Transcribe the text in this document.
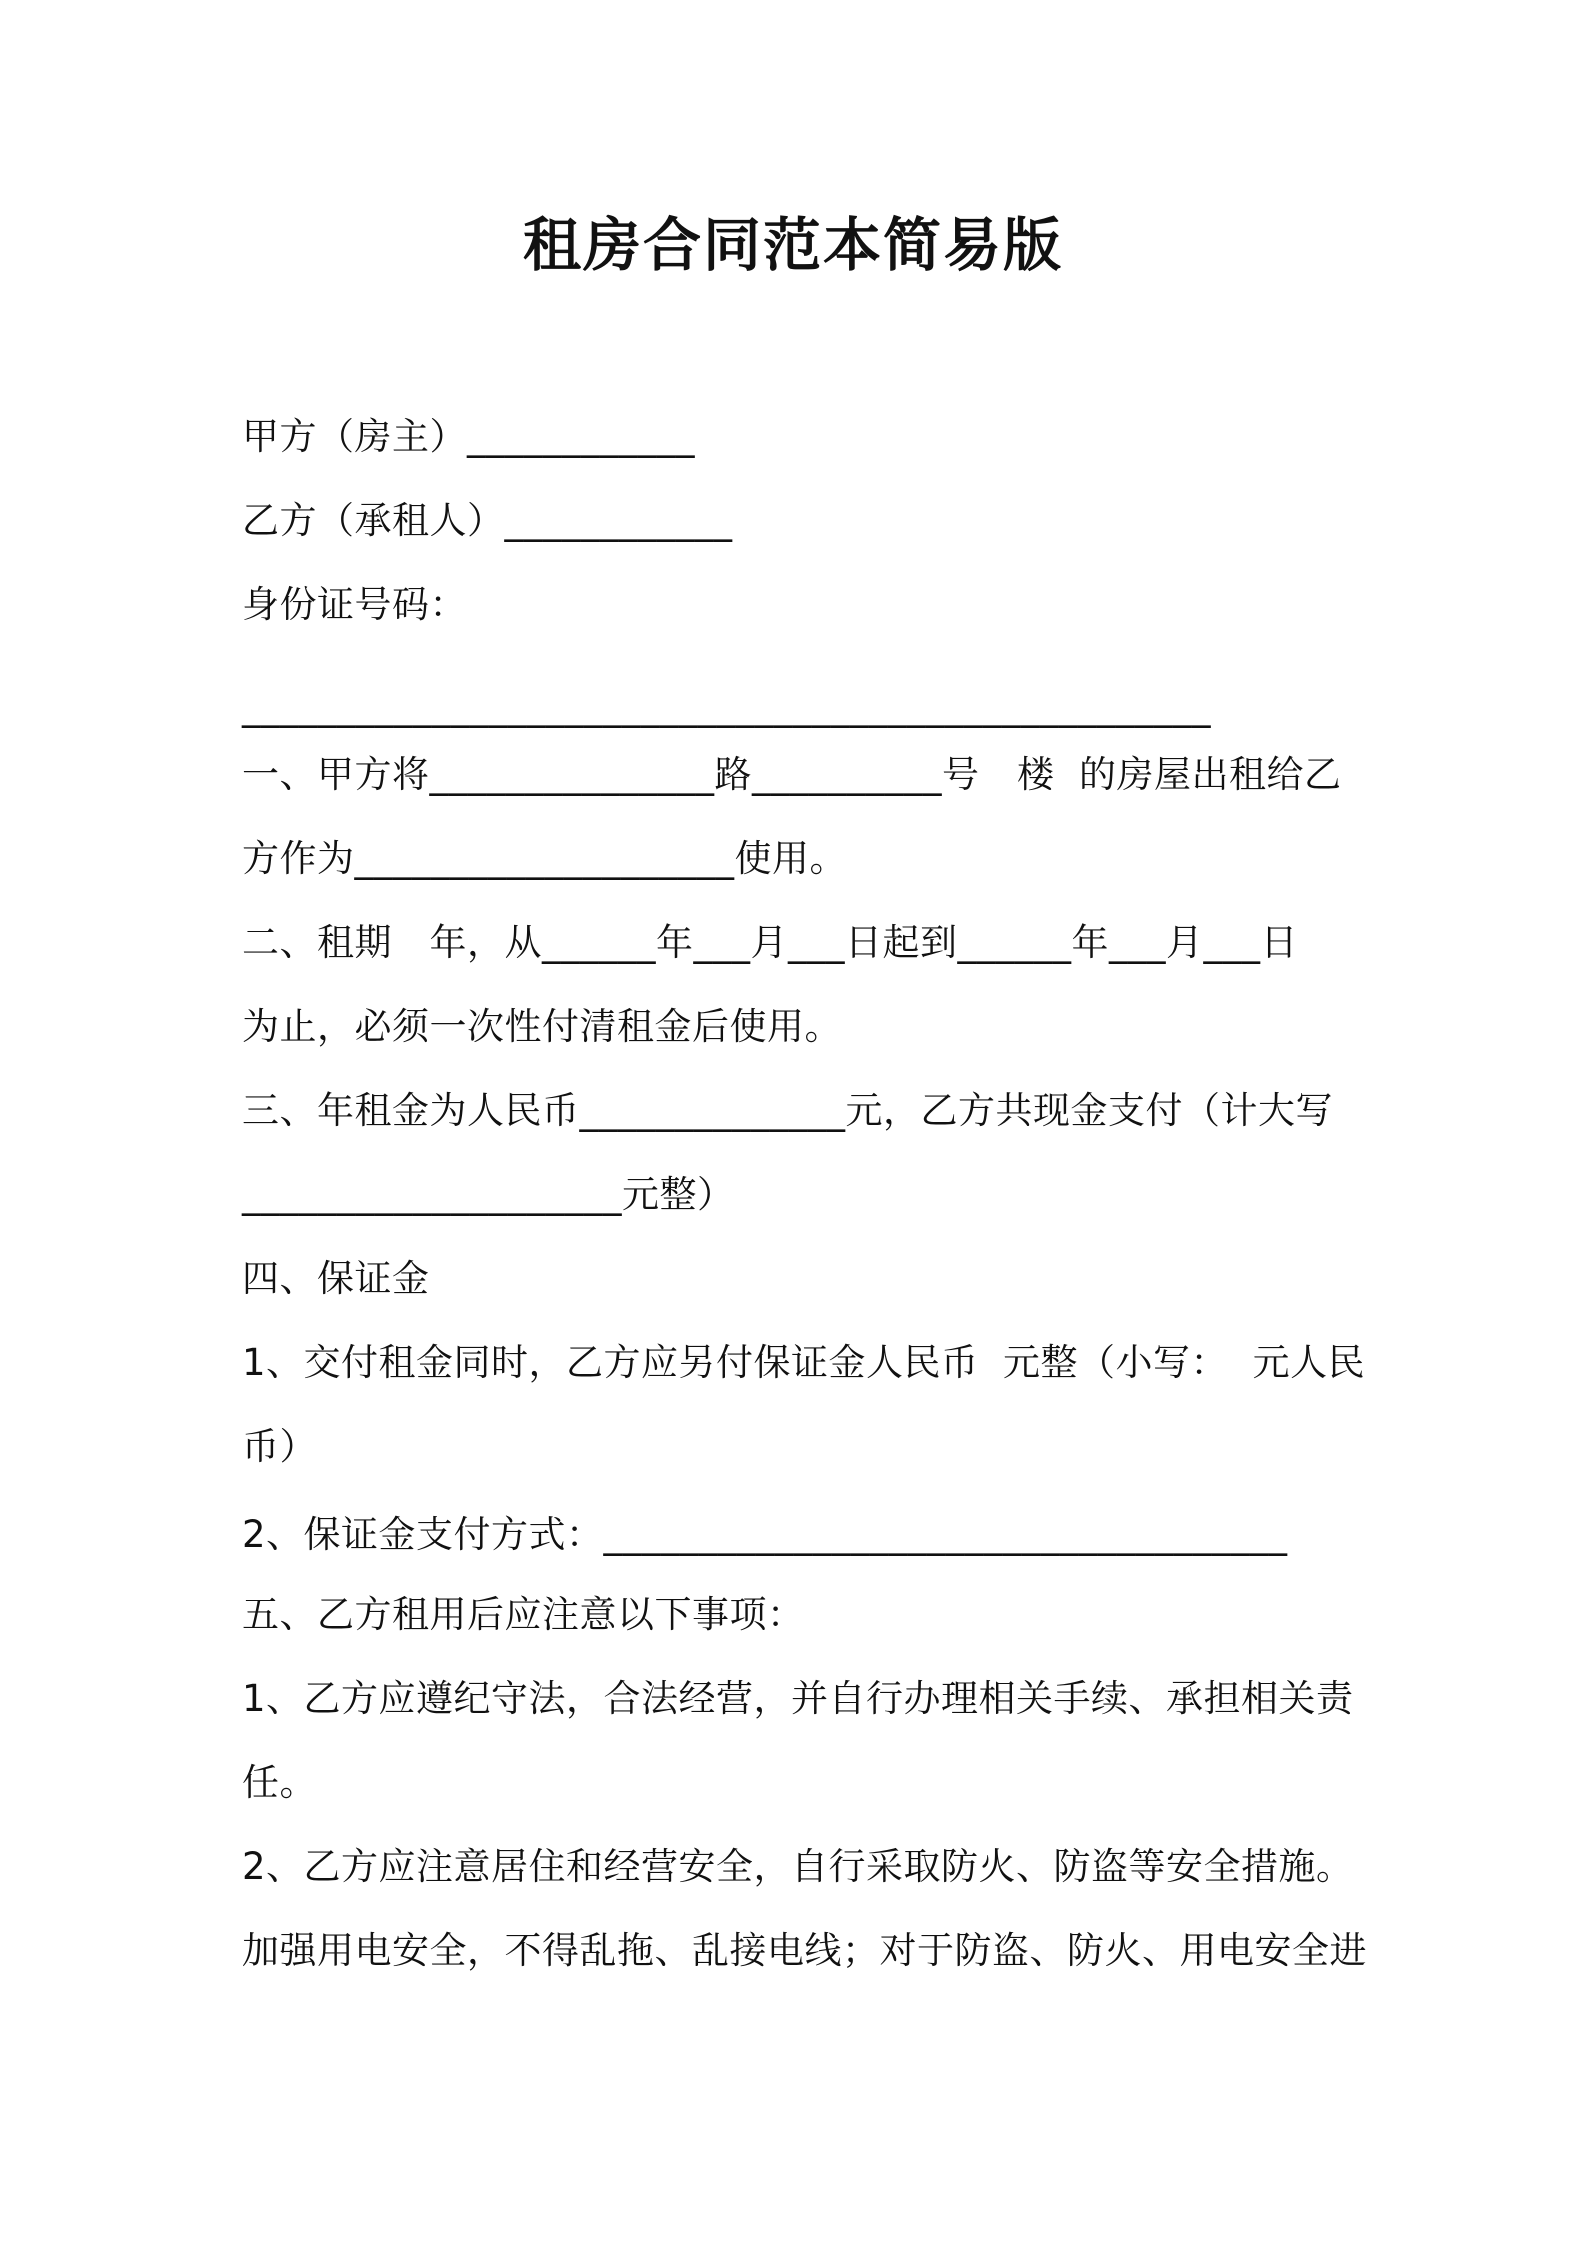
租房合同范本简易版
甲方（房主）____________
乙方（承租人）____________
身份证号码：
___________________________________________________
一、甲方将_______________路__________号　楼  的房屋出租给乙
方作为____________________使用。
二、租期　年，从______年___月___日起到______年___月___日
为止，必须一次性付清租金后使用。
三、年租金为人民币______________元，乙方共现金支付（计大写
____________________元整）
四、保证金
1、交付租金同时，乙方应另付保证金人民币  元整（小写：  元人民
币）
2、保证金支付方式：____________________________________
五、乙方租用后应注意以下事项：
1、乙方应遵纪守法，合法经营，并自行办理相关手续、承担相关责
任。
2、乙方应注意居住和经营安全，自行采取防火、防盗等安全措施。
加强用电安全，不得乱拖、乱接电线；对于防盗、防火、用电安全进
